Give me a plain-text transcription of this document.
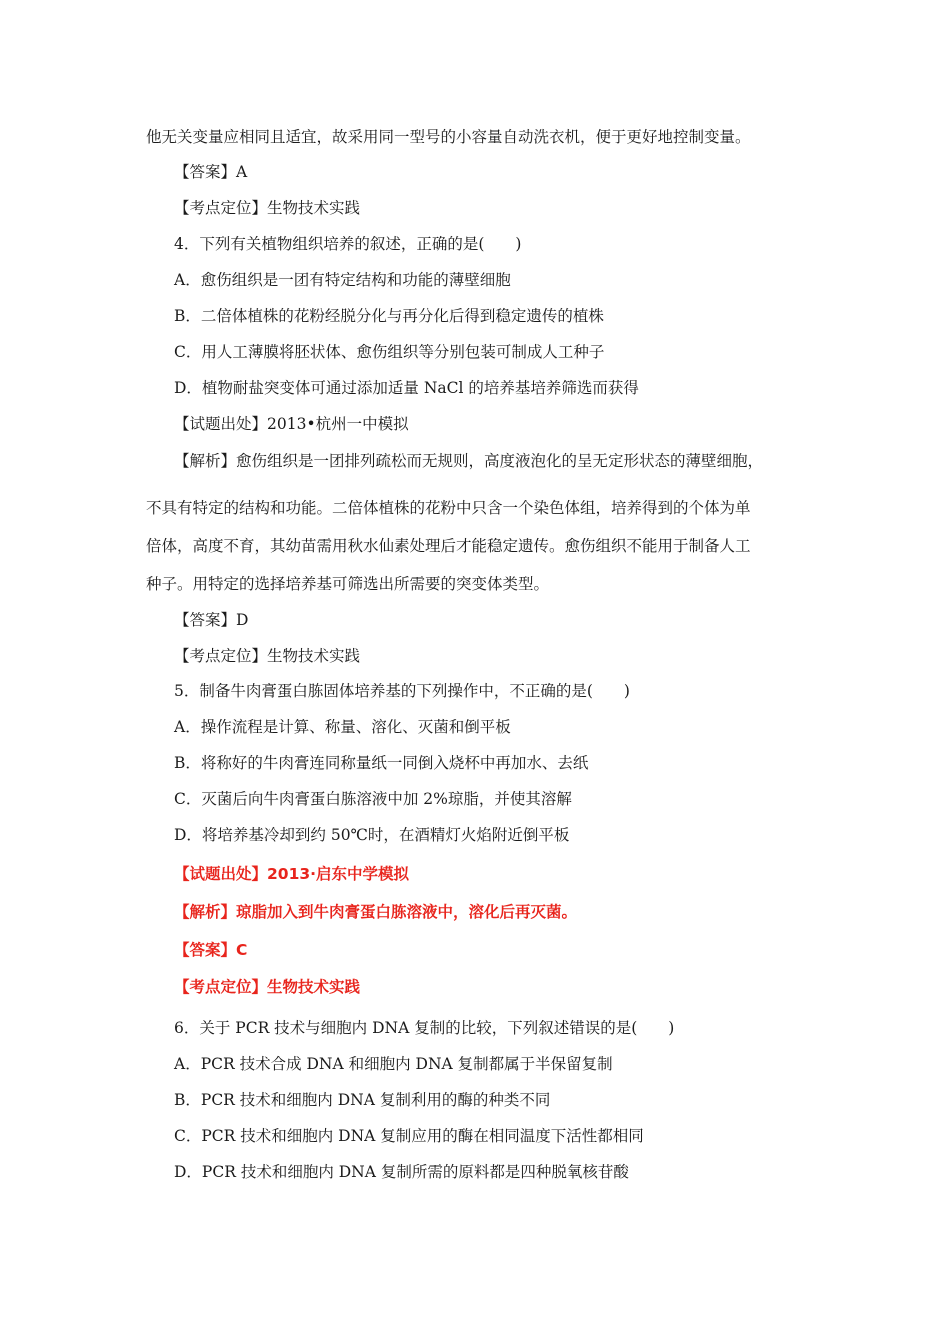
他无关变量应相同且适宜，故采用同一型号的小容量自动洗衣机，便于更好地控制变量。
【答案】A
【考点定位】生物技术实践
4．下列有关植物组织培养的叙述，正确的是(　　)
A．愈伤组织是一团有特定结构和功能的薄壁细胞
B．二倍体植株的花粉经脱分化与再分化后得到稳定遗传的植株
C．用人工薄膜将胚状体、愈伤组织等分别包装可制成人工种子
D．植物耐盐突变体可通过添加适量 NaCl 的培养基培养筛选而获得
【试题出处】2013•杭州一中模拟
【解析】愈伤组织是一团排列疏松而无规则，高度液泡化的呈无定形状态的薄壁细胞，
不具有特定的结构和功能。二倍体植株的花粉中只含一个染色体组，培养得到的个体为单
倍体，高度不育，其幼苗需用秋水仙素处理后才能稳定遗传。愈伤组织不能用于制备人工
种子。用特定的选择培养基可筛选出所需要的突变体类型。
【答案】D
【考点定位】生物技术实践
5．制备牛肉膏蛋白胨固体培养基的下列操作中，不正确的是(　　)
A．操作流程是计算、称量、溶化、灭菌和倒平板
B．将称好的牛肉膏连同称量纸一同倒入烧杯中再加水、去纸
C．灭菌后向牛肉膏蛋白胨溶液中加 2%琼脂，并使其溶解
D．将培养基冷却到约 50℃时，在酒精灯火焰附近倒平板
【试题出处】2013·启东中学模拟
【解析】琼脂加入到牛肉膏蛋白胨溶液中，溶化后再灭菌。
【答案】C
【考点定位】生物技术实践
6．关于 PCR 技术与细胞内 DNA 复制的比较，下列叙述错误的是(　　)
A．PCR 技术合成 DNA 和细胞内 DNA 复制都属于半保留复制
B．PCR 技术和细胞内 DNA 复制利用的酶的种类不同
C．PCR 技术和细胞内 DNA 复制应用的酶在相同温度下活性都相同
D．PCR 技术和细胞内 DNA 复制所需的原料都是四种脱氧核苷酸
